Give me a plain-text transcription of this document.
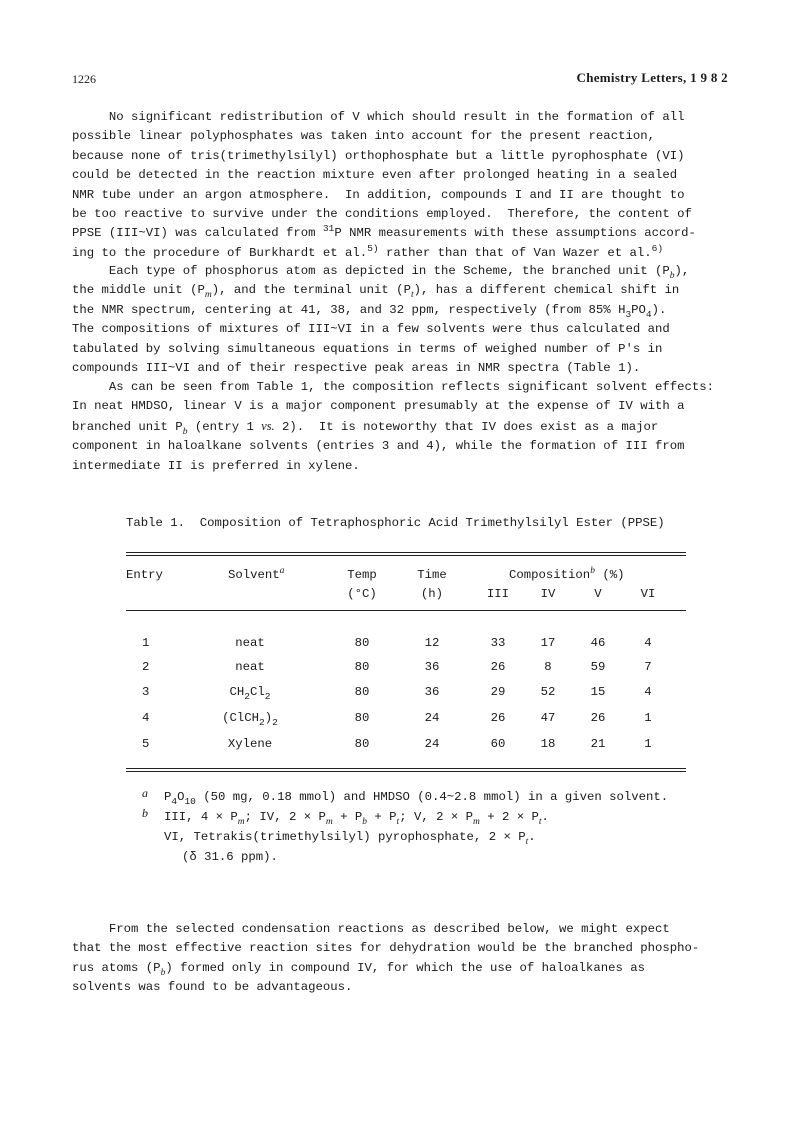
1226	Chemistry Letters, 1 9 8 2
No significant redistribution of V which should result in the formation of all
possible linear polyphosphates was taken into account for the present reaction,
because none of tris(trimethylsilyl) orthophosphate but a little pyrophosphate (VI)
could be detected in the reaction mixture even after prolonged heating in a sealed
NMR tube under an argon atmosphere.  In addition, compounds I and II are thought to
be too reactive to survive under the conditions employed.  Therefore, the content of
PPSE (III~VI) was calculated from $^{31}$P NMR measurements with these assumptions accord-
ing to the procedure of Burkhardt et al.$^{5)}$ rather than that of Van Wazer et al.$^{6)}$
Each type of phosphorus atom as depicted in the Scheme, the branched unit $(P_b)$,
the middle unit $(P_m)$, and the terminal unit $(P_t)$, has a different chemical shift in
the NMR spectrum, centering at 41, 38, and 32 ppm, respectively (from 85% $H_3PO_4$).
The compositions of mixtures of III~VI in a few solvents were thus calculated and
tabulated by solving simultaneous equations in terms of weighed number of P's in
compounds III~VI and of their respective peak areas in NMR spectra (Table 1).
As can be seen from Table 1, the composition reflects significant solvent effects:
In neat HMDSO, linear V is a major component presumably at the expense of IV with a
branched unit $P_b$ (entry 1 vs. 2).  It is noteworthy that IV does exist as a major
component in haloalkane solvents (entries 3 and 4), while the formation of III from
intermediate II is preferred in xylene.
Table 1.  Composition of Tetraphosphoric Acid Trimethylsilyl Ester (PPSE)
Entry	Solvent$^a$	Temp
(°C)
Time
(h)
Composition$^b$ (%)
III	IV	V	VI
1	neat	80	12	33	17	46	4
2	neat	80	36	26	8	59	7
3	$CH_2Cl_2$	80	36	29	52	15	4
4	$(ClCH_2)_2$	80	24	26	47	26	1
5	Xylene	80	24	60	18	21	1
a $P_4O_{10}$ (50 mg, 0.18 mmol) and HMDSO (0.4~2.8 mmol) in a given solvent.
b III, $4 \times P_m$; IV, $2 \times P_m + P_b + P_t$; V, $2 \times P_m + 2 \times P_t$.
VI, Tetrakis(trimethylsilyl) pyrophosphate, $2 \times P_t$.
(δ 31.6 ppm).
From the selected condensation reactions as described below, we might expect
that the most effective reaction sites for dehydration would be the branched phospho-
rus atoms $(P_b)$ formed only in compound IV, for which the use of haloalkanes as
solvents was found to be advantageous.
